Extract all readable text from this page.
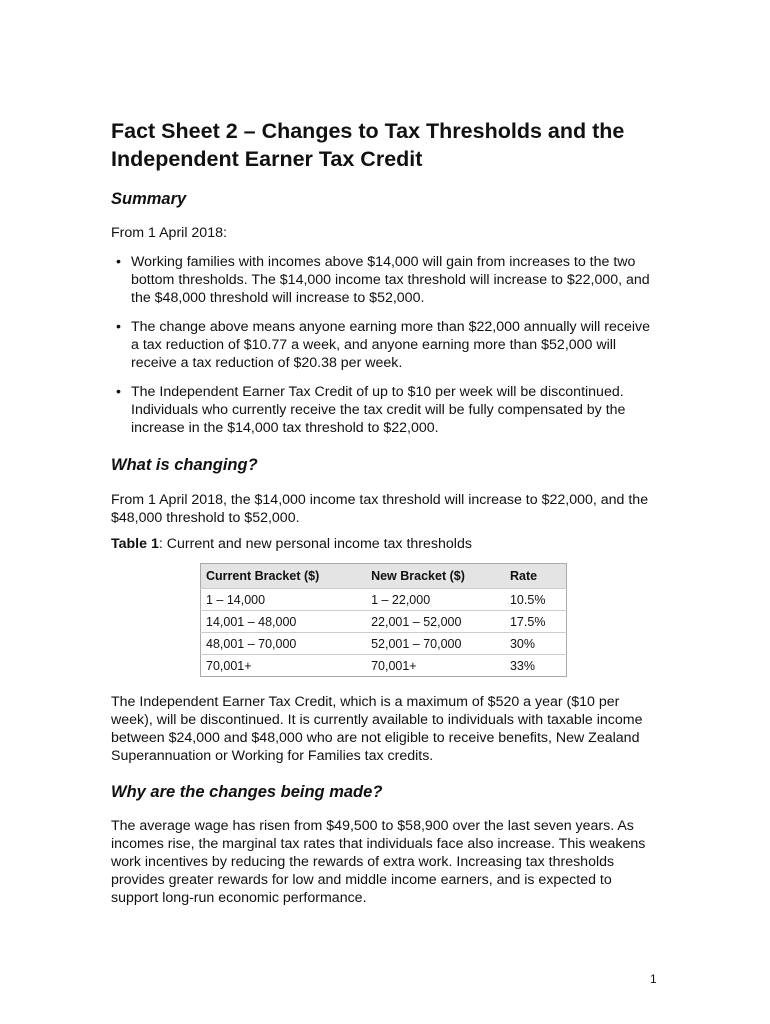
Fact Sheet 2 – Changes to Tax Thresholds and the Independent Earner Tax Credit
Summary
From 1 April 2018:
• Working families with incomes above $14,000 will gain from increases to the two bottom thresholds. The $14,000 income tax threshold will increase to $22,000, and the $48,000 threshold will increase to $52,000.
• The change above means anyone earning more than $22,000 annually will receive a tax reduction of $10.77 a week, and anyone earning more than $52,000 will receive a tax reduction of $20.38 per week.
• The Independent Earner Tax Credit of up to $10 per week will be discontinued. Individuals who currently receive the tax credit will be fully compensated by the increase in the $14,000 tax threshold to $22,000.
What is changing?
From 1 April 2018, the $14,000 income tax threshold will increase to $22,000, and the $48,000 threshold to $52,000.
Table 1: Current and new personal income tax thresholds
Current Bracket ($)	New Bracket ($)	Rate
1 – 14,000	1 – 22,000	10.5%
14,001 – 48,000	22,001 – 52,000	17.5%
48,001 – 70,000	52,001 – 70,000	30%
70,001+	70,001+	33%
The Independent Earner Tax Credit, which is a maximum of $520 a year ($10 per week), will be discontinued. It is currently available to individuals with taxable income between $24,000 and $48,000 who are not eligible to receive benefits, New Zealand Superannuation or Working for Families tax credits.
Why are the changes being made?
The average wage has risen from $49,500 to $58,900 over the last seven years. As incomes rise, the marginal tax rates that individuals face also increase. This weakens work incentives by reducing the rewards of extra work. Increasing tax thresholds provides greater rewards for low and middle income earners, and is expected to support long-run economic performance.
1
